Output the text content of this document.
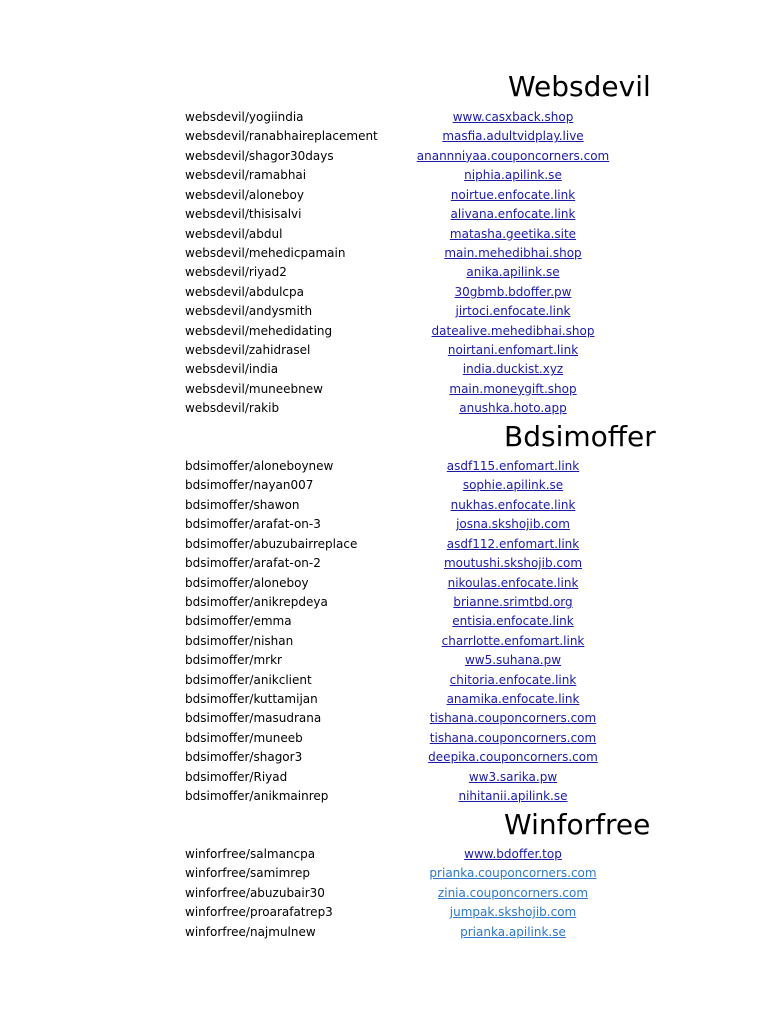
Websdevil
Bdsimoffer
Winforfree
websdevil/yogiindia	www.casxback.shop
websdevil/ranabhaireplacement	masfia.adultvidplay.live
websdevil/shagor30days	anannniyaa.couponcorners.com
websdevil/ramabhai	niphia.apilink.se
websdevil/aloneboy	noirtue.enfocate.link
websdevil/thisisalvi	alivana.enfocate.link
websdevil/abdul	matasha.geetika.site
websdevil/mehedicpamain	main.mehedibhai.shop
websdevil/riyad2	anika.apilink.se
websdevil/abdulcpa	30gbmb.bdoffer.pw
websdevil/andysmith	jirtoci.enfocate.link
websdevil/mehedidating	datealive.mehedibhai.shop
websdevil/zahidrasel	noirtani.enfomart.link
websdevil/india	india.duckist.xyz
websdevil/muneebnew	main.moneygift.shop
websdevil/rakib	anushka.hoto.app
bdsimoffer/aloneboynew	asdf115.enfomart.link
bdsimoffer/nayan007	sophie.apilink.se
bdsimoffer/shawon	nukhas.enfocate.link
bdsimoffer/arafat-on-3	josna.skshojib.com
bdsimoffer/abuzubairreplace	asdf112.enfomart.link
bdsimoffer/arafat-on-2	moutushi.skshojib.com
bdsimoffer/aloneboy	nikoulas.enfocate.link
bdsimoffer/anikrepdeya	brianne.srimtbd.org
bdsimoffer/emma	entisia.enfocate.link
bdsimoffer/nishan	charrlotte.enfomart.link
bdsimoffer/mrkr	ww5.suhana.pw
bdsimoffer/anikclient	chitoria.enfocate.link
bdsimoffer/kuttamijan	anamika.enfocate.link
bdsimoffer/masudrana	tishana.couponcorners.com
bdsimoffer/muneeb	tishana.couponcorners.com
bdsimoffer/shagor3	deepika.couponcorners.com
bdsimoffer/Riyad	ww3.sarika.pw
bdsimoffer/anikmainrep	nihitanii.apilink.se
winforfree/salmancpa	www.bdoffer.top
winforfree/samimrep	prianka.couponcorners.com
winforfree/abuzubair30	zinia.couponcorners.com
winforfree/proarafatrep3	jumpak.skshojib.com
winforfree/najmulnew	prianka.apilink.se
